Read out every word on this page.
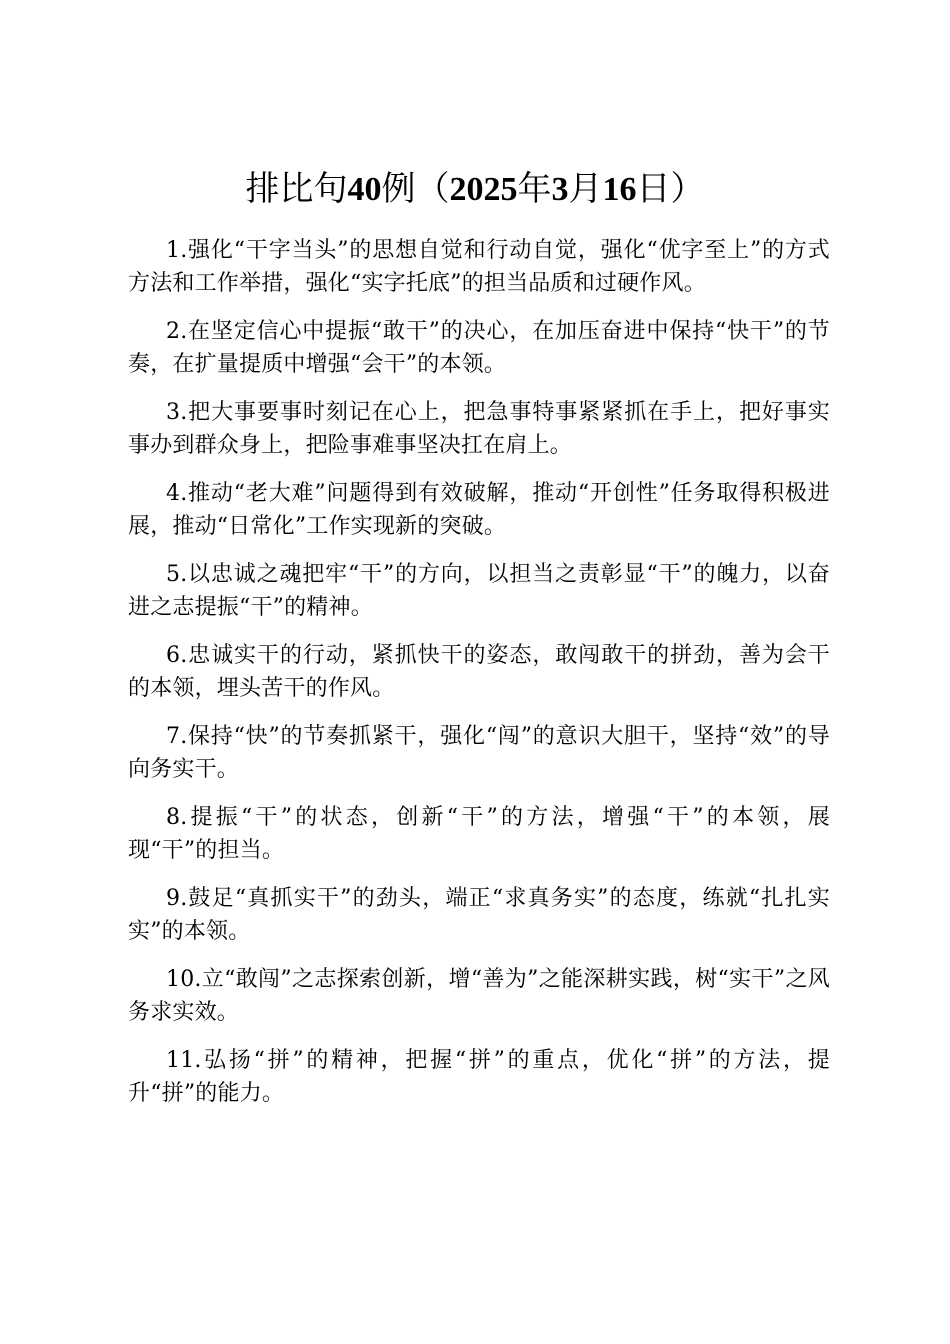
排比句40例（2025年3月16日）

1.强化“干字当头”的思想自觉和行动自觉，强化“优字至上”的方式方法和工作举措，强化“实字托底”的担当品质和过硬作风。

2.在坚定信心中提振“敢干”的决心，在加压奋进中保持“快干”的节奏，在扩量提质中增强“会干”的本领。

3.把大事要事时刻记在心上，把急事特事紧紧抓在手上，把好事实事办到群众身上，把险事难事坚决扛在肩上。

4.推动“老大难”问题得到有效破解，推动“开创性”任务取得积极进展，推动“日常化”工作实现新的突破。

5.以忠诚之魂把牢“干”的方向，以担当之责彰显“干”的魄力，以奋进之志提振“干”的精神。

6.忠诚实干的行动，紧抓快干的姿态，敢闯敢干的拼劲，善为会干的本领，埋头苦干的作风。

7.保持“快”的节奏抓紧干，强化“闯”的意识大胆干，坚持“效”的导向务实干。

8.提振“干”的状态，创新“干”的方法，增强“干”的本领，展现“干”的担当。

9.鼓足“真抓实干”的劲头，端正“求真务实”的态度，练就“扎扎实实”的本领。

10.立“敢闯”之志探索创新，增“善为”之能深耕实践，树“实干”之风务求实效。

11.弘扬“拼”的精神，把握“拼”的重点，优化“拼”的方法，提升“拼”的能力。
